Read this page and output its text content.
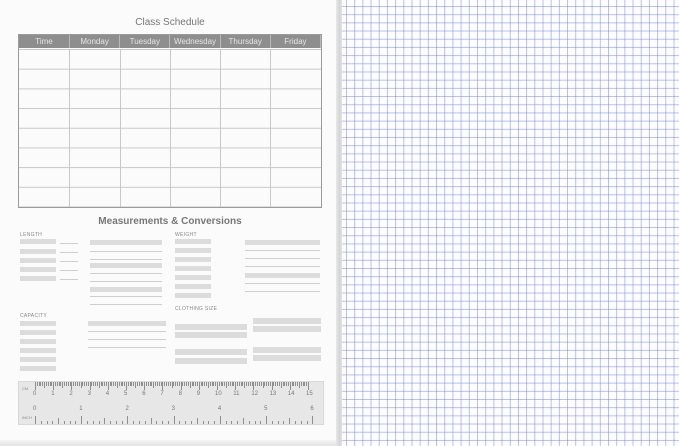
Class Schedule
Time	Monday	Tuesday	Wednesday	Thursday	Friday
Measurements & Conversions
LENGTH	WEIGHT
CAPACITY
CLOTHING SIZE
CM
INCH
0 1 2 3 4 5 6 7 8 9 10 11 12 13 14 15
0	1	2	3	4	5	6
